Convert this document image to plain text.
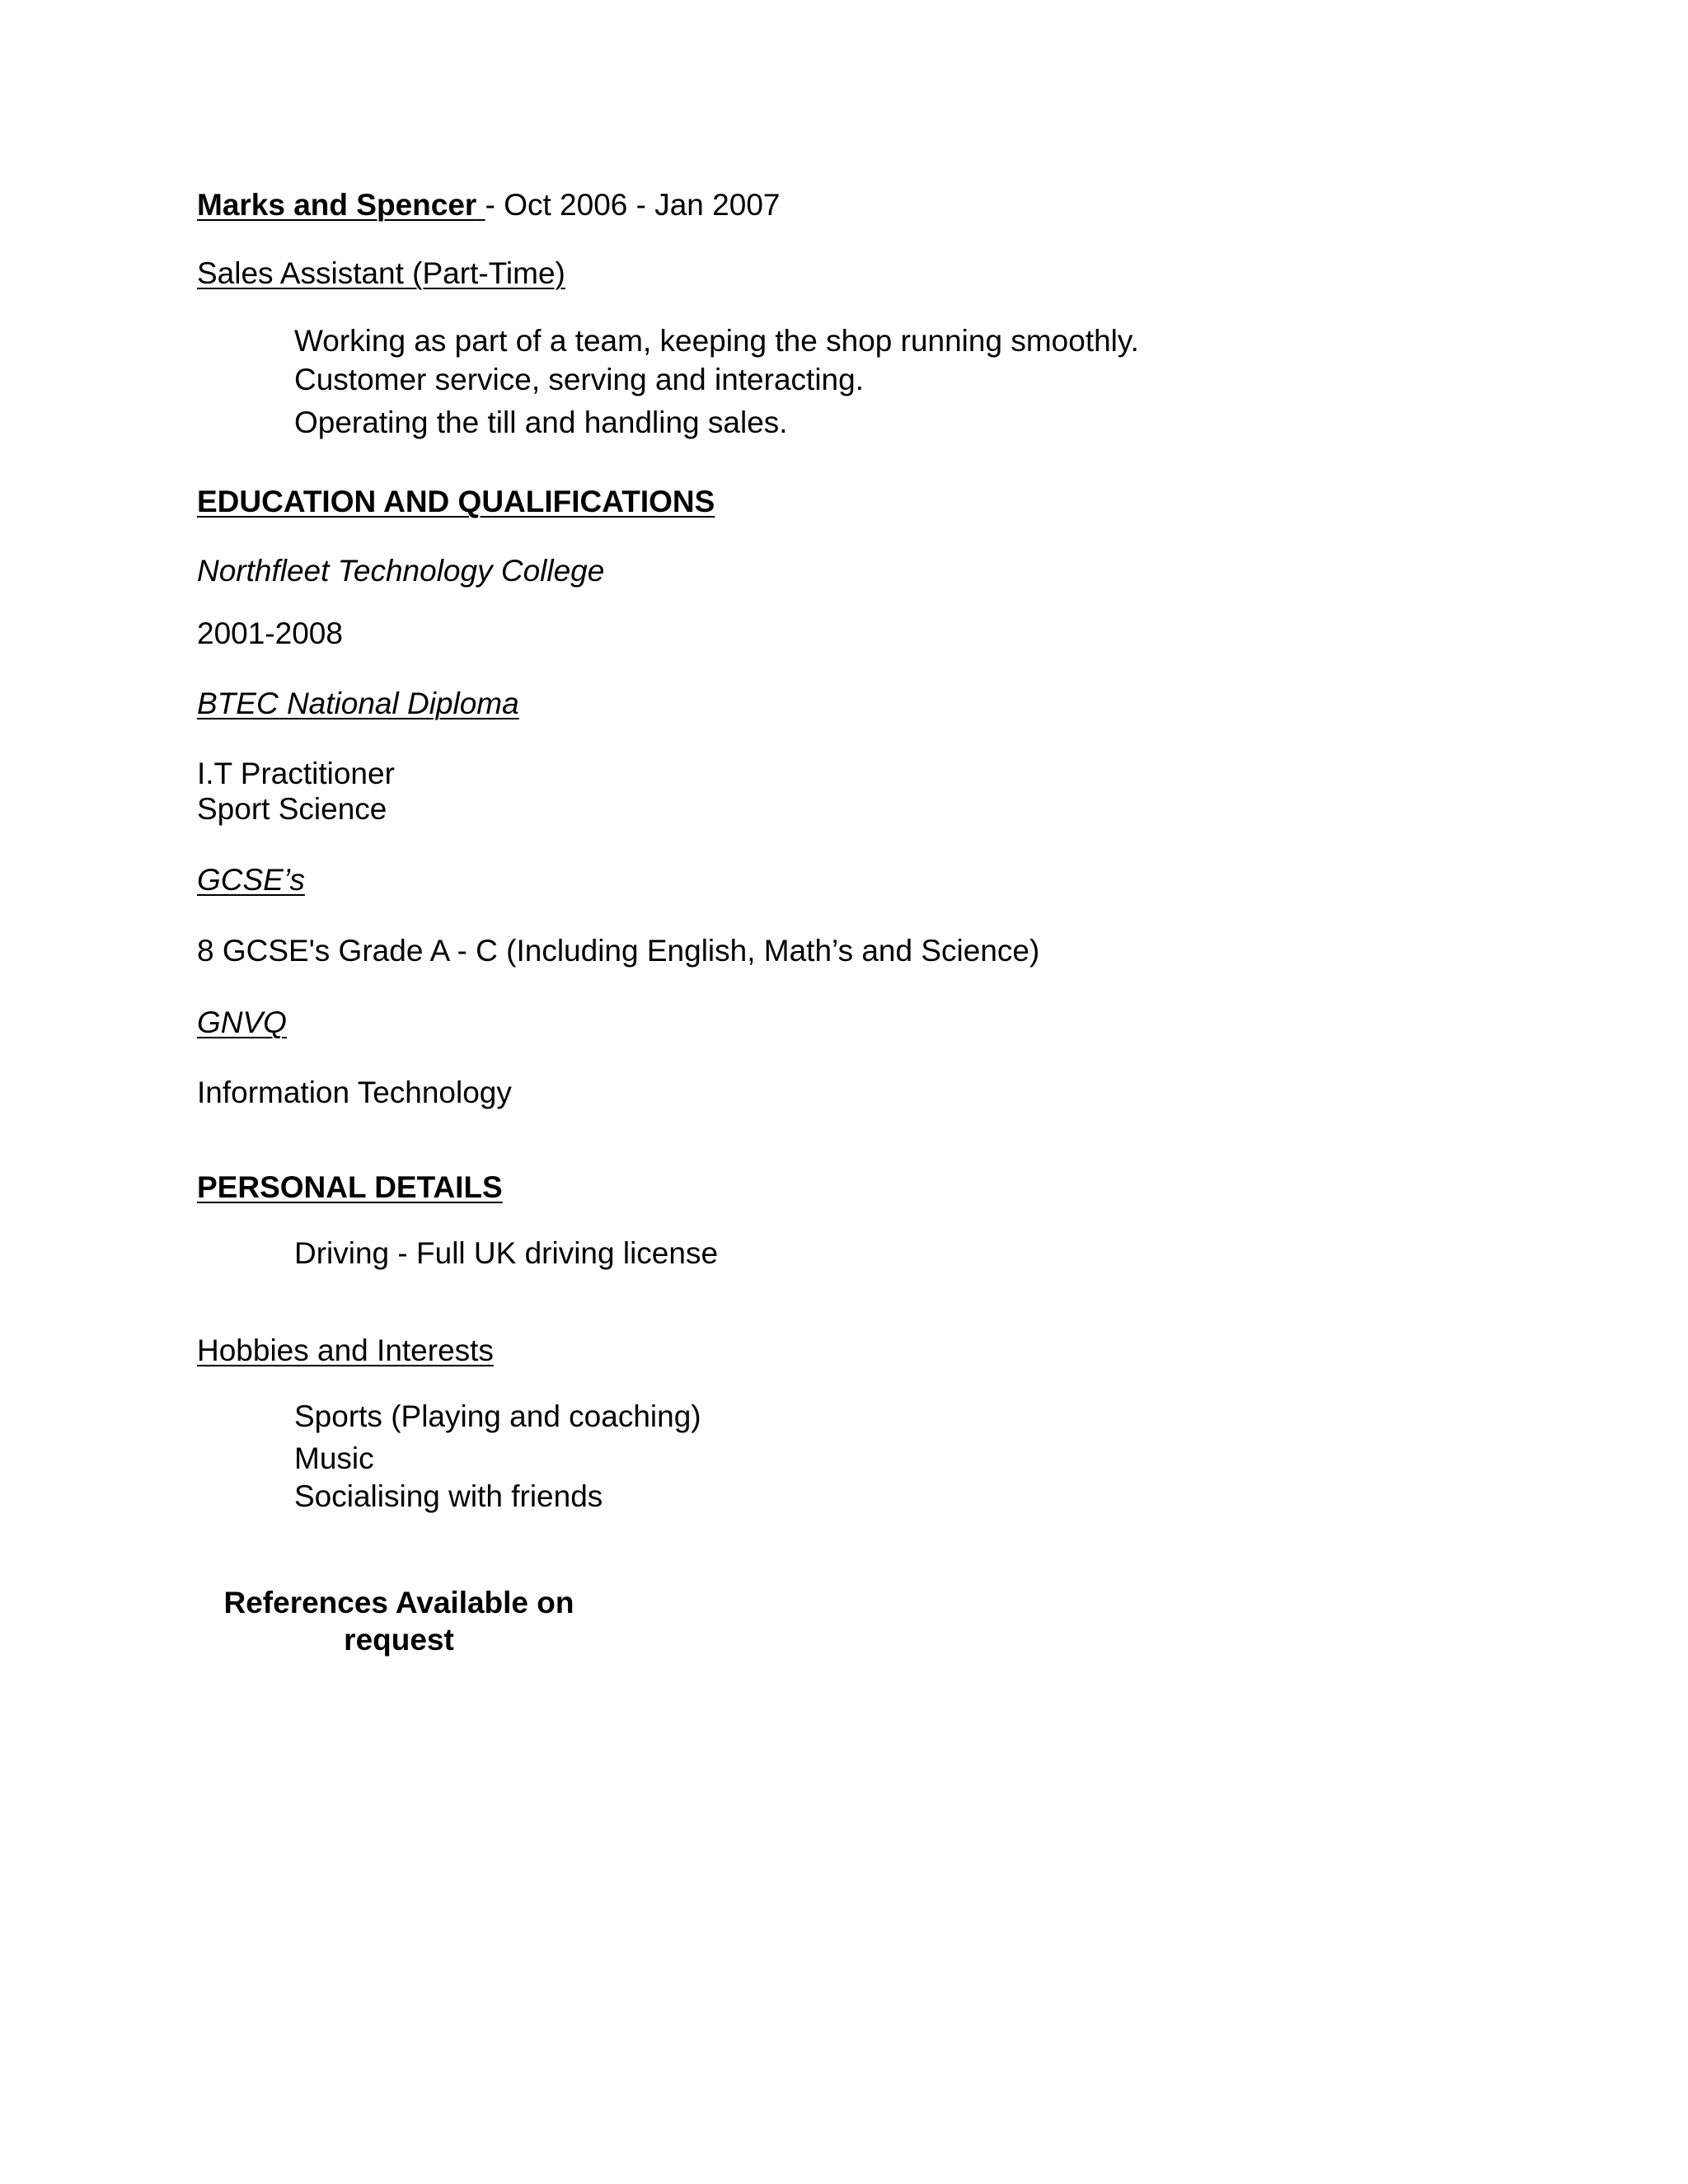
Marks and Spencer - Oct 2006 - Jan 2007
Sales Assistant (Part-Time)
Working as part of a team, keeping the shop running smoothly.
Customer service, serving and interacting.
Operating the till and handling sales.
EDUCATION AND QUALIFICATIONS
Northfleet Technology College
2001-2008
BTEC National Diploma
I.T Practitioner
Sport Science
GCSE’s
8 GCSE's Grade A - C (Including English, Math’s and Science)
GNVQ
Information Technology
PERSONAL DETAILS
Driving - Full UK driving license
Hobbies and Interests
Sports (Playing and coaching)
Music
Socialising with friends
References Available on
request
